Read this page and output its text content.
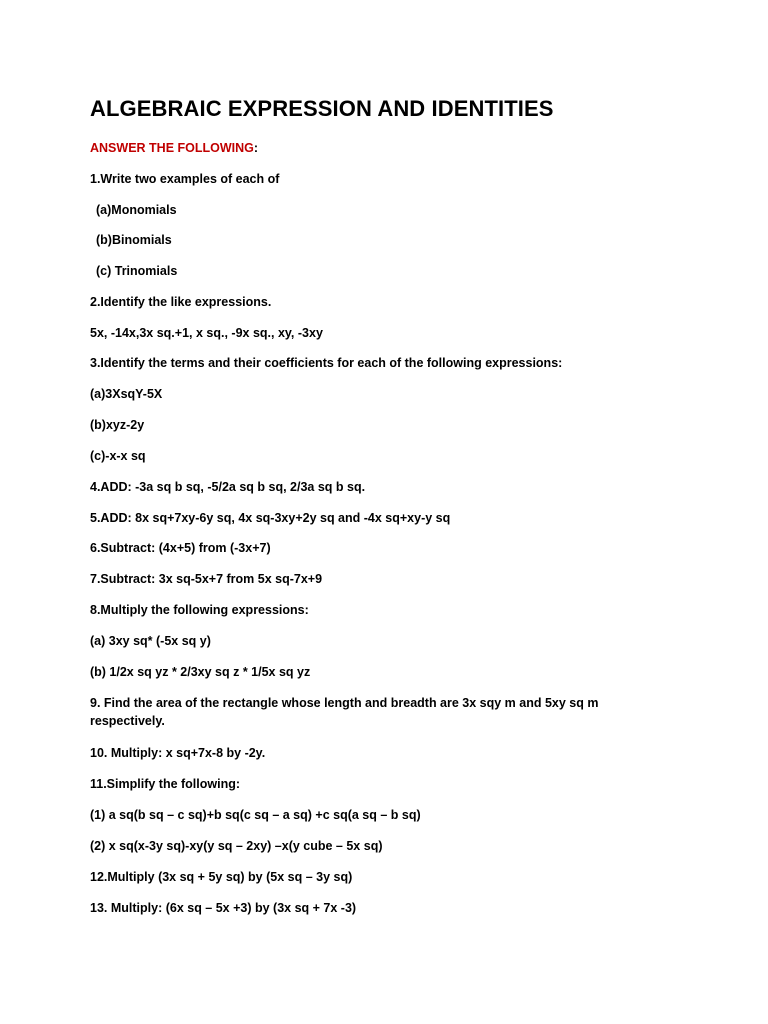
ALGEBRAIC EXPRESSION AND IDENTITIES
ANSWER THE FOLLOWING:
1.Write two examples of each of
(a)Monomials
(b)Binomials
(c) Trinomials
2.Identify the like expressions.
5x, -14x,3x sq.+1, x sq., -9x sq., xy, -3xy
3.Identify the terms and their coefficients for each of the following expressions:
(a)3XsqY-5X
(b)xyz-2y
(c)-x-x sq
4.ADD: -3a sq b sq, -5/2a sq b sq, 2/3a sq b sq.
5.ADD: 8x sq+7xy-6y sq, 4x sq-3xy+2y sq and -4x sq+xy-y sq
6.Subtract: (4x+5) from (-3x+7)
7.Subtract: 3x sq-5x+7 from 5x sq-7x+9
8.Multiply the following expressions:
(a) 3xy sq* (-5x sq y)
(b) 1/2x sq yz * 2/3xy sq z * 1/5x sq yz
9. Find the area of the rectangle whose length and breadth are 3x sqy m and 5xy sq m respectively.
10. Multiply: x sq+7x-8 by -2y.
11.Simplify the following:
(1) a sq(b sq – c sq)+b sq(c sq – a sq) +c sq(a sq – b sq)
(2) x sq(x-3y sq)-xy(y sq – 2xy) –x(y cube – 5x sq)
12.Multiply (3x sq + 5y sq) by (5x sq – 3y sq)
13. Multiply: (6x sq – 5x +3) by (3x sq + 7x -3)
